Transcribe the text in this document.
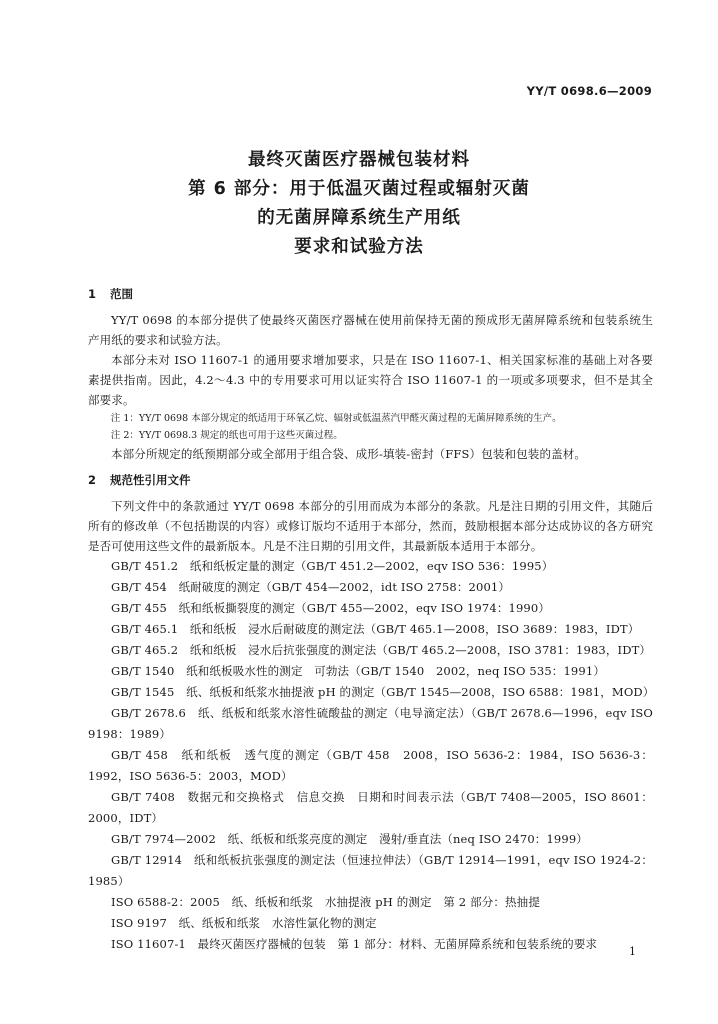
YY/T 0698.6—2009
最终灭菌医疗器械包装材料
第 6 部分：用于低温灭菌过程或辐射灭菌
的无菌屏障系统生产用纸
要求和试验方法
1 范围
YY/T 0698 的本部分提供了使最终灭菌医疗器械在使用前保持无菌的预成形无菌屏障系统和包装系统生产用纸的要求和试验方法。
本部分未对 ISO 11607-1 的通用要求增加要求，只是在 ISO 11607-1、相关国家标准的基础上对各要素提供指南。因此，4.2～4.3 中的专用要求可用以证实符合 ISO 11607-1 的一项或多项要求，但不是其全部要求。
注 1：YY/T 0698 本部分规定的纸适用于环氧乙烷、辐射或低温蒸汽甲醛灭菌过程的无菌屏障系统的生产。
注 2：YY/T 0698.3 规定的纸也可用于这些灭菌过程。
本部分所规定的纸预期部分或全部用于组合袋、成形-填装-密封（FFS）包装和包装的盖材。
2 规范性引用文件
下列文件中的条款通过 YY/T 0698 本部分的引用而成为本部分的条款。凡是注日期的引用文件，其随后所有的修改单（不包括勘误的内容）或修订版均不适用于本部分，然而，鼓励根据本部分达成协议的各方研究是否可使用这些文件的最新版本。凡是不注日期的引用文件，其最新版本适用于本部分。
GB/T 451.2　纸和纸板定量的测定（GB/T 451.2—2002，eqv ISO 536：1995）
GB/T 454　纸耐破度的测定（GB/T 454—2002，idt ISO 2758：2001）
GB/T 455　纸和纸板撕裂度的测定（GB/T 455—2002，eqv ISO 1974：1990）
GB/T 465.1　纸和纸板　浸水后耐破度的测定法（GB/T 465.1—2008，ISO 3689：1983，IDT）
GB/T 465.2　纸和纸板　浸水后抗张强度的测定法（GB/T 465.2—2008，ISO 3781：1983，IDT）
GB/T 1540　纸和纸板吸水性的测定　可勃法（GB/T 1540　2002，neq ISO 535：1991）
GB/T 1545　纸、纸板和纸浆水抽提液 pH 的测定（GB/T 1545—2008，ISO 6588：1981，MOD）
GB/T 2678.6　纸、纸板和纸浆水溶性硫酸盐的测定（电导滴定法）（GB/T 2678.6—1996，eqv ISO 9198：1989）
GB/T 458　纸和纸板　透气度的测定（GB/T 458　2008，ISO 5636-2：1984，ISO 5636-3：1992，ISO 5636-5：2003，MOD）
GB/T 7408　数据元和交换格式　信息交换　日期和时间表示法（GB/T 7408—2005，ISO 8601：2000，IDT）
GB/T 7974—2002　纸、纸板和纸浆亮度的测定　漫射/垂直法（neq ISO 2470：1999）
GB/T 12914　纸和纸板抗张强度的测定法（恒速拉伸法）（GB/T 12914—1991，eqv ISO 1924-2：1985）
ISO 6588-2：2005　纸、纸板和纸浆　水抽提液 pH 的测定　第 2 部分：热抽提
ISO 9197　纸、纸板和纸浆　水溶性氯化物的测定
ISO 11607-1　最终灭菌医疗器械的包装　第 1 部分：材料、无菌屏障系统和包装系统的要求
1
